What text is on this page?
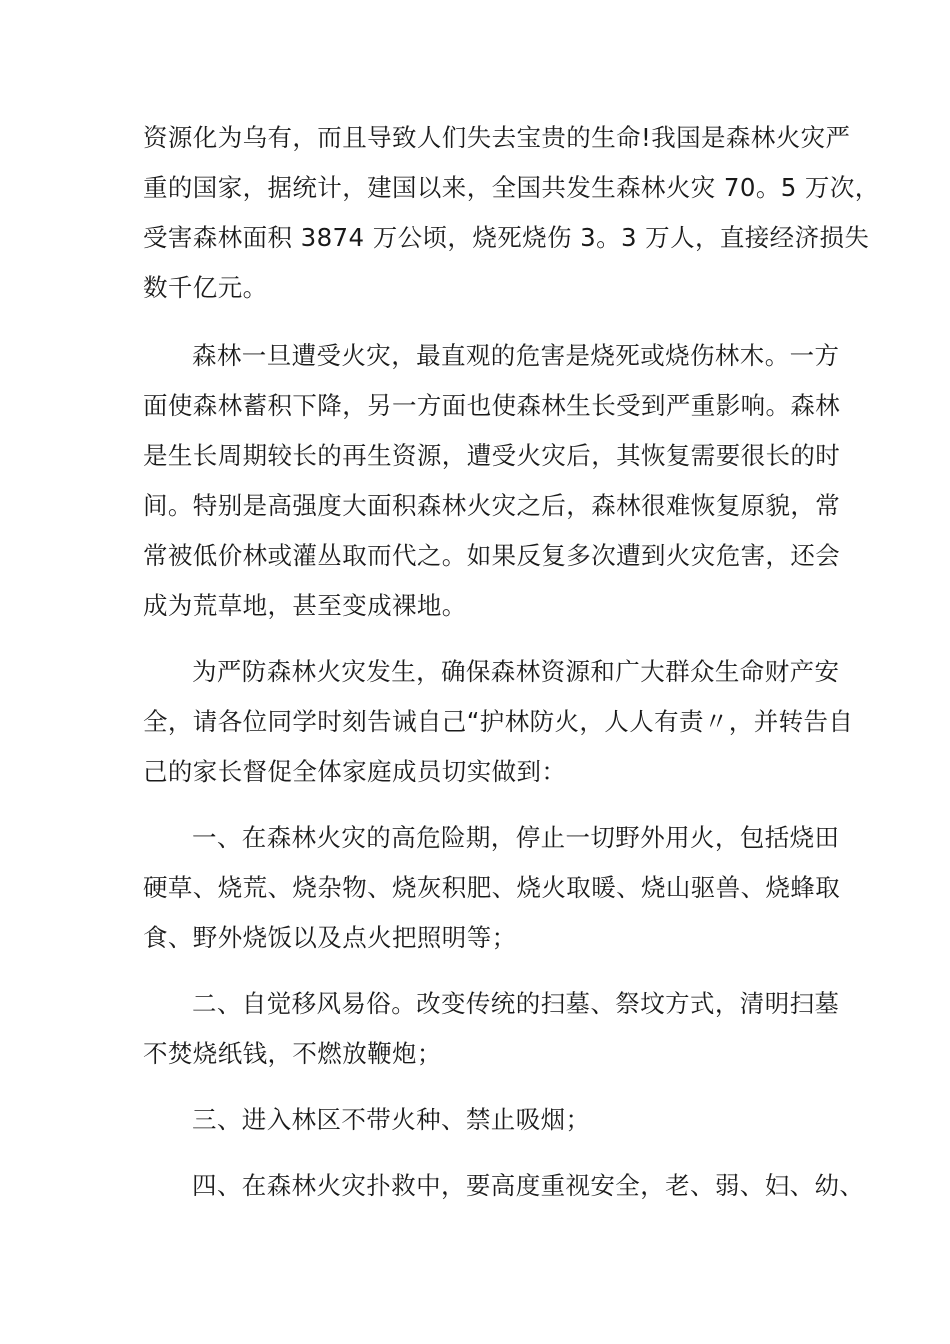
资源化为乌有，而且导致人们失去宝贵的生命!我国是森林火灾严
重的国家，据统计，建国以来，全国共发生森林火灾 70。5 万次，
受害森林面积 3874 万公顷，烧死烧伤 3。3 万人，直接经济损失
数千亿元。
森林一旦遭受火灾，最直观的危害是烧死或烧伤林木。一方
面使森林蓄积下降，另一方面也使森林生长受到严重影响。森林
是生长周期较长的再生资源，遭受火灾后，其恢复需要很长的时
间。特别是高强度大面积森林火灾之后，森林很难恢复原貌，常
常被低价林或灌丛取而代之。如果反复多次遭到火灾危害，还会
成为荒草地，甚至变成裸地。
为严防森林火灾发生，确保森林资源和广大群众生命财产安
全，请各位同学时刻告诫自己“护林防火，人人有责〃，并转告自
己的家长督促全体家庭成员切实做到：
一、在森林火灾的高危险期，停止一切野外用火，包括烧田
硬草、烧荒、烧杂物、烧灰积肥、烧火取暖、烧山驱兽、烧蜂取
食、野外烧饭以及点火把照明等；
二、自觉移风易俗。改变传统的扫墓、祭坟方式，清明扫墓
不焚烧纸钱，不燃放鞭炮；
三、进入林区不带火种、禁止吸烟；
四、在森林火灾扑救中，要高度重视安全，老、弱、妇、幼、
